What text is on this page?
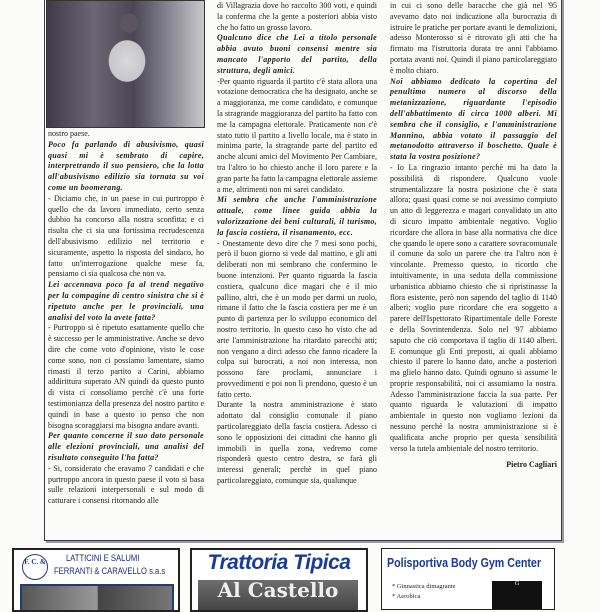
nostro paese.

Poco fa parlando di abusivismo, quasi quasi mi è sembrato di capire, interpretrando il suo pensiero, che la lotta all'abusivismo edilizio sia tornata su voi come un boomerang.

- Diciamo che, in un paese in cui purtroppo è quello che da lavoro immediato, certo senza dubbio ha concorso alla nostra sconfitta; e ci risulta che ci sia una fortissima recrudescenza dell'abusivismo edilizio nel territorio e sicuramente, aspetto la risposta del sindaco, ho fatto un'interrogazione qualche mese fa, pensiamo ci sia qualcosa che non va.

Lei accennava poco fa al trend negativo per la compagine di centro sinistra che si è ripetuto anche per le provinciali, una analisi del voto la avete fatta?

- Purtroppo si è ripetuto esattamente quello che è successo per le amministrative. Anche se devo dire che come voto d'opinione, visto le cose come sono, non ci possiamo lamentare, siamo rimasti il terzo partito a Carini, abbiamo addirittura superato AN quindi da questo punto di vista ci consoliamo perchè c'è una forte testimonianza della presenza del nostro partito e quindi in base a questo io penso che non bisogna scoraggiarsi ma bisogna andare avanti.

Per quanto concerne il suo dato personale alle elezioni provinciali, una analisi del risultato conseguito l'ha fatta?

- Si, considerato che eravamo 7 candidati e che purtroppo ancora in questo paese il voto si basa sulle relazioni interpersonali e sul modo di catturare i consensi ritornando alle

di Villagrazia dove ho raccolto 300 voti, e quindi la conferma che la gente a posteriori abbia visto che ho fatto un grosso lavoro.

Qualcuno dice che Lei a titolo personale abbia avuto buoni consensi mentre sia mancato l'apporto del partito, della struttura, degli amici.

-Per quanto riguarda il partito c'è stata allora una votazione democratica che ha designato, anche se a maggioranza, me come candidato, e comunque la stragrande maggioranza del partito ha fatto con me la campagna elettorale. Praticamente non c'è stato tutto il partito a livello locale, ma è stato in minima parte, la stragrande parte del partito ed anche alcuni amici del Movimento Per Cambiare, tra l'altro io ho chiesto anche il loro parere e la gran parte ha fatto la campagna elettorale assieme a me, altrimenti non mi sarei candidato.

Mi sembra che anche l'amministrazione attuale, come linee guida abbia la valorizzazione dei beni culturali, il turismo, la fascia costiera, il risanamento, ecc.

- Onestamente devo dire che 7 mesi sono pochi, però il buon giorno si vede dal mattino, e gli atti deliberati non mi sembrano che confermino le buone intenzioni. Per quanto riguarda la fascia costiera, qualcuno dice magari che è il mio pallino, altri, che è un modo per darmi un ruolo, rimane il fatto che la fascia costiera per me è un punto di partenza per lo sviluppo economico del nostro territorio. In questo caso ho visto che ad arte l'amministrazione ha ritardato parecchi atti; non vengano a dirci adesso che fanno ricadere la colpa sui burocrati, a noi non interessa, non possono fare proclami, annunciare i provvedimenti e poi non li prendono, questo è un fatto certo.

Durante la nostra amministrazione è stato adottato dal consiglio comunale il piano particolareggiato della fascia costiera. Adesso ci sono le opposizioni dei cittadini che hanno gli immobili in quella zona, vedremo come risponderà questo centro destra, se farà gli interessi generali; perchè in quel piano particolareggiato, comunque sia, qualunque

in cui ci sono delle baracche che già nel '95 avevamo dato noi indicazione alla burocrazia di istruire le pratiche per portare avanti le demolizioni, adesso Monterosso si è ritrovato gli atti che ha firmato ma l'istruttoria durata tre anni l'abbiamo portata avanti noi. Quindi il piano particolareggiato è molto chiaro.

Noi abbiamo dedicato la copertina del penultimo numero al discorso della metanizzazione, riguardante l'episodio dell'abbattimento di circa 1000 alberi. Mi sembra che il consiglio, e l'amministrazione Mannino, abbia votato il passaggio del metanodotto attraverso il boschetto. Quale è stata la vostra posizione?

- Io La ringrazio intanto perchè mi ha dato la possibilità di rispondere. Qualcuno vuole strumentalizzare la nostra posizione che è stata allora; quasi quasi come se noi avessimo compiuto un atto di leggerezza e magari convalidato un atto di sicuro impatto ambientale negativo. Voglio ricordare che allora in base alla normativa che dice che quando le opere sono a carattere sovracomunale il comune da solo un parere che tra l'altro non è vincolante. Premesso questo, io ricordo che intuitivamente, in una seduta della commissione urbanistica abbiamo chiesto che si ripristinasse la flora esistente, però non sapendo del taglio di 1140 alberi; voglio pure ricordare che era soggetto a parere dell'Ispettorato Ripartimentale delle Foreste e della Sovrintendenza. Solo nel '97 abbiamo saputo che ciò comportava il taglio di 1140 alberi. E comunque gli Enti preposti, ai quali abbiamo chiesto il parere lo hanno dato, anche a posteriori ma glielo hanno dato. Quindi ognuno si assume le proprie responsabilità, noi ci assumiamo la nostra. Adesso l'amministrazione faccia la sua parte. Per quanto riguarda le valutazioni di impatto ambientale in questo non vogliamo lezioni da nessuno perchè la nostra amministrazione si è qualificata anche proprio per questa sensibilità verso la tutela ambientale del nostro territorio.

Pietro Cagliari

F. C. & LATTICINI E SALUMI
FERRANTI & CARAVELLO s.a.s	Trattoria Tipica
Al Castello
Polisportiva Body Gym Center
* Ginnastica dimagrante
* Aerobica
G
